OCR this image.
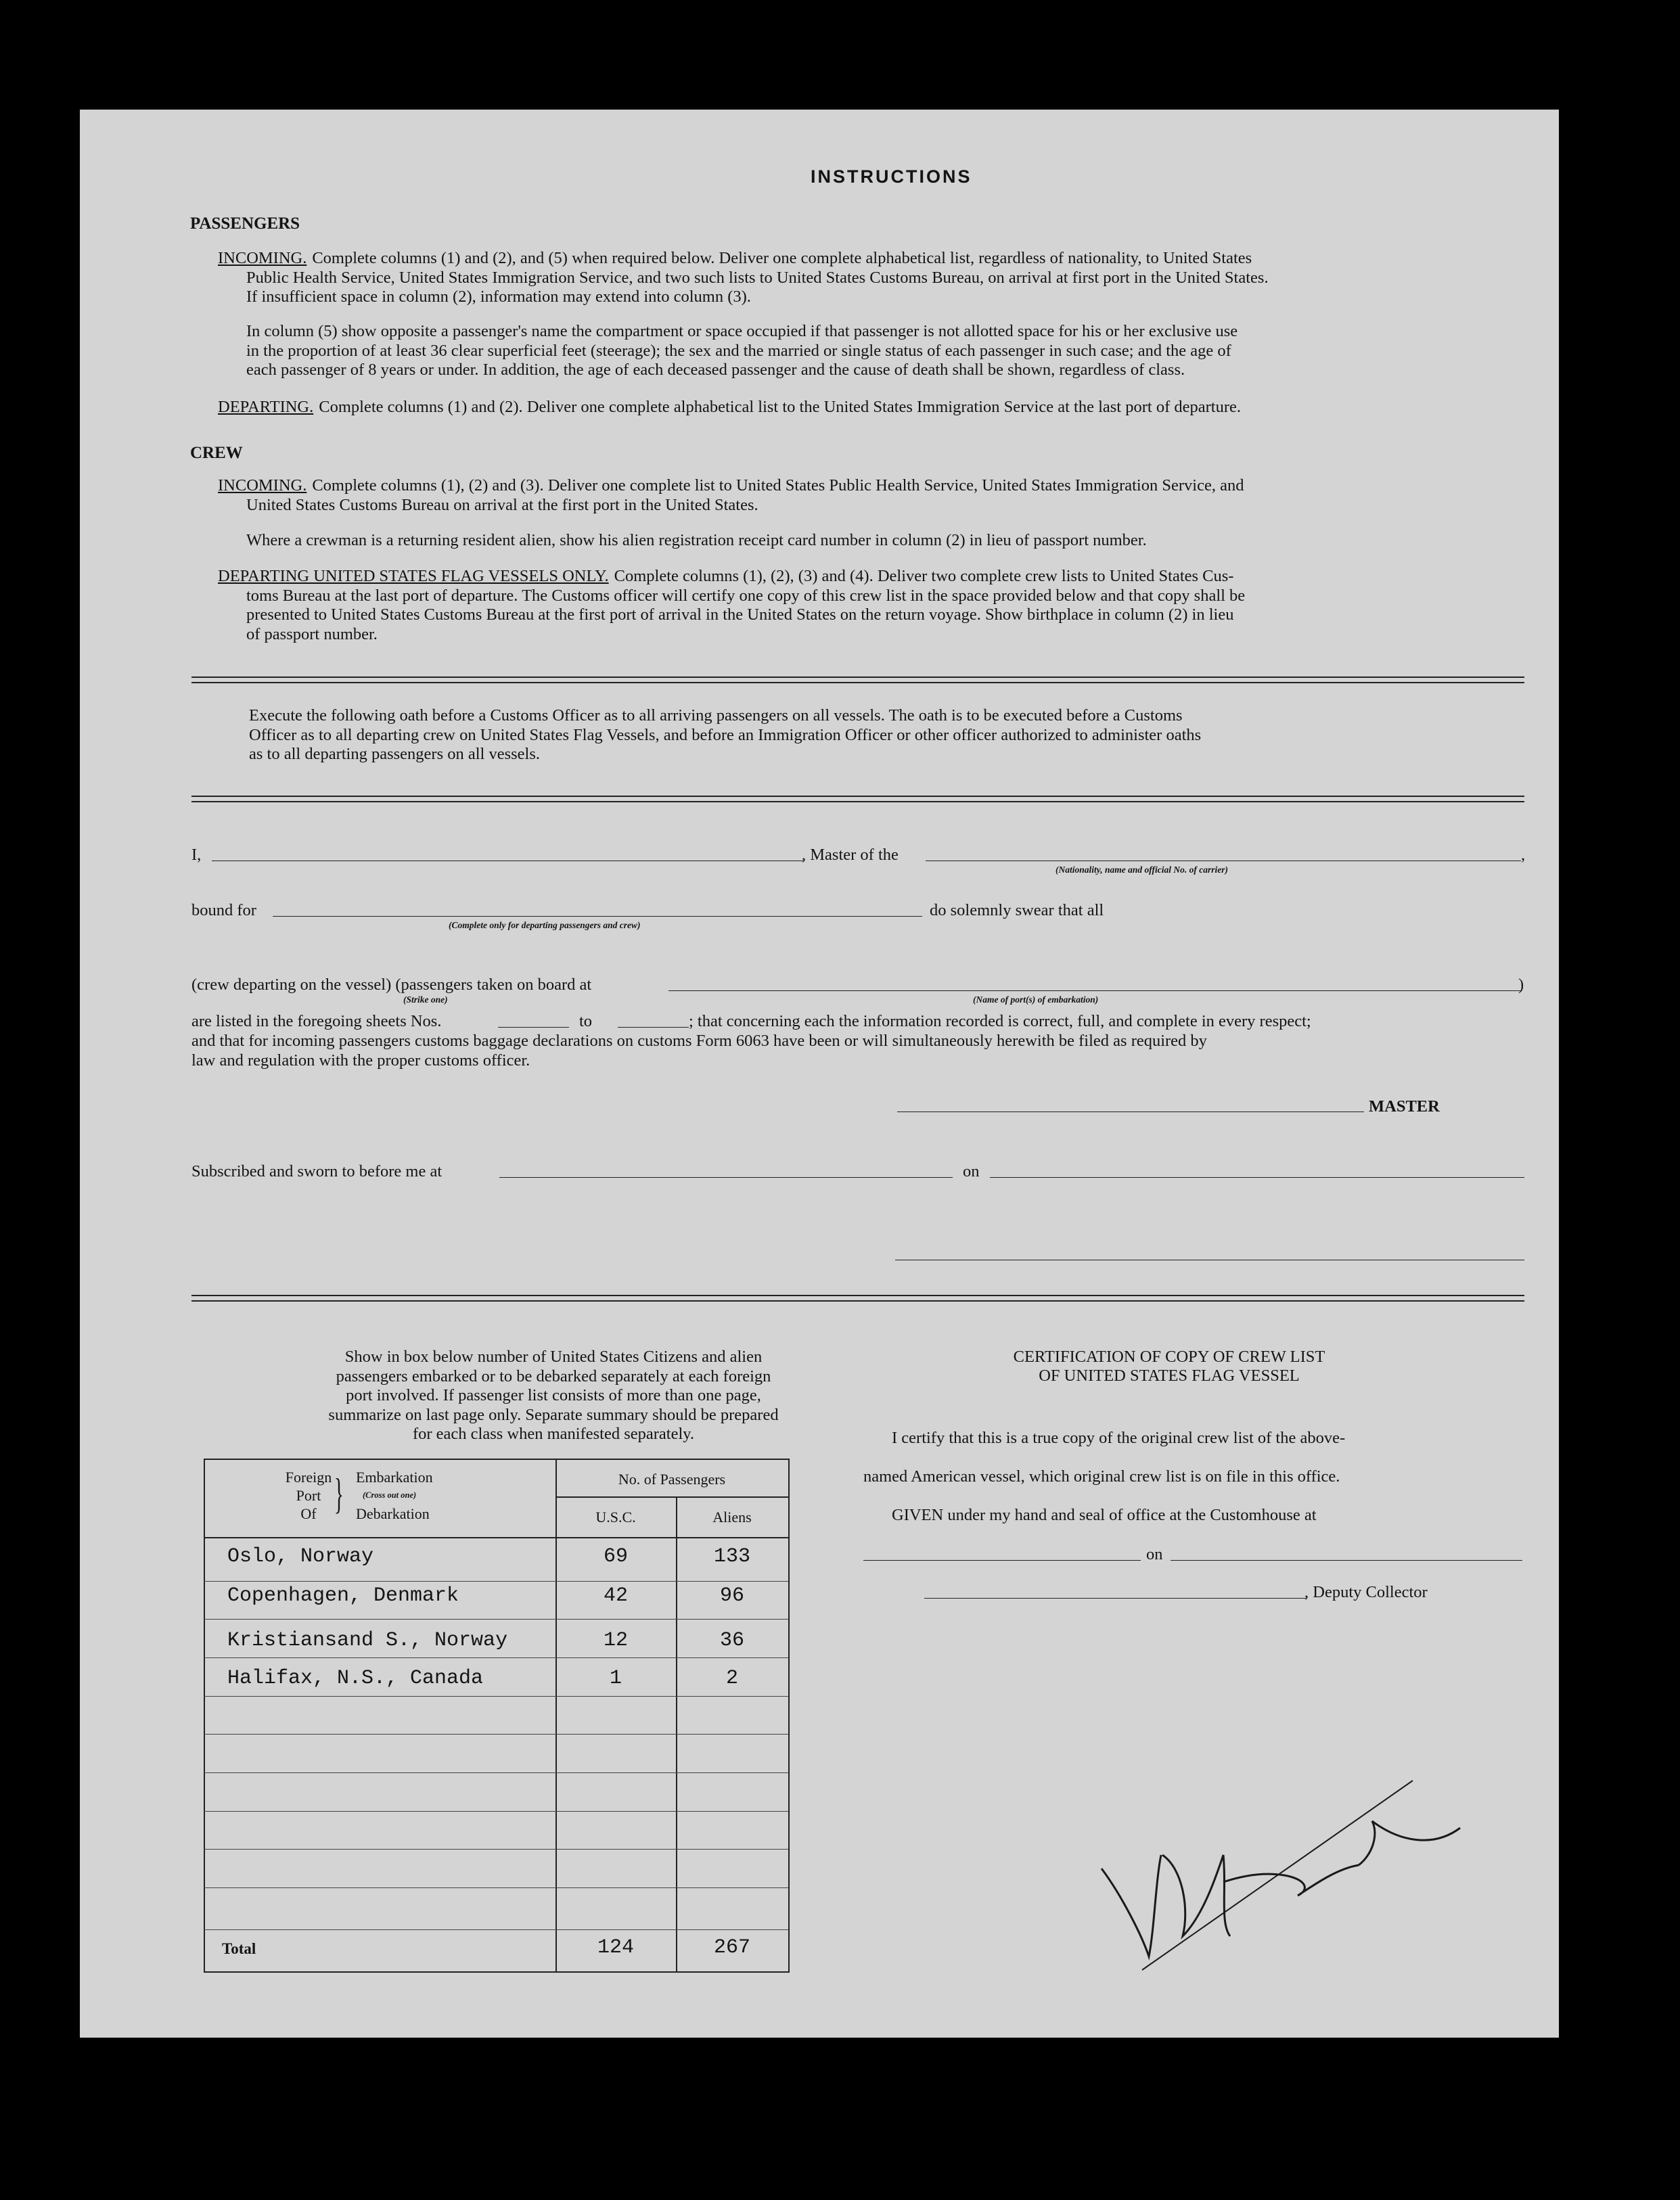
INSTRUCTIONS
PASSENGERS
INCOMING. Complete columns (1) and (2), and (5) when required below. Deliver one complete alphabetical list, regardless of nationality, to United States
Public Health Service, United States Immigration Service, and two such lists to United States Customs Bureau, on arrival at first port in the United States.
If insufficient space in column (2), information may extend into column (3).
In column (5) show opposite a passenger's name the compartment or space occupied if that passenger is not allotted space for his or her exclusive use
in the proportion of at least 36 clear superficial feet (steerage); the sex and the married or single status of each passenger in such case; and the age of
each passenger of 8 years or under. In addition, the age of each deceased passenger and the cause of death shall be shown, regardless of class.
DEPARTING. Complete columns (1) and (2). Deliver one complete alphabetical list to the United States Immigration Service at the last port of departure.
CREW
INCOMING. Complete columns (1), (2) and (3). Deliver one complete list to United States Public Health Service, United States Immigration Service, and
United States Customs Bureau on arrival at the first port in the United States.
Where a crewman is a returning resident alien, show his alien registration receipt card number in column (2) in lieu of passport number.
DEPARTING UNITED STATES FLAG VESSELS ONLY. Complete columns (1), (2), (3) and (4). Deliver two complete crew lists to United States Cus-
toms Bureau at the last port of departure. The Customs officer will certify one copy of this crew list in the space provided below and that copy shall be
presented to United States Customs Bureau at the first port of arrival in the United States on the return voyage. Show birthplace in column (2) in lieu
of passport number.
Execute the following oath before a Customs Officer as to all arriving passengers on all vessels. The oath is to be executed before a Customs
Officer as to all departing crew on United States Flag Vessels, and before an Immigration Officer or other officer authorized to administer oaths
as to all departing passengers on all vessels.
I,	, Master of the	,
(Nationality, name and official No. of carrier)
bound for
(Complete only for departing passengers and crew)
do solemnly swear that all
(crew departing on the vessel) (passengers taken on board at
(Strike one)	(Name of port(s) of embarkation)
)
are listed in the foregoing sheets Nos.	to	; that concerning each the information recorded is correct, full, and complete in every respect;
and that for incoming passengers customs baggage declarations on customs Form 6063 have been or will simultaneously herewith be filed as required by
law and regulation with the proper customs officer.
MASTER
Subscribed and sworn to before me at	on
Show in box below number of United States Citizens and alien
passengers embarked or to be debarked separately at each foreign
port involved. If passenger list consists of more than one page,
summarize on last page only. Separate summary should be prepared
for each class when manifested separately.
Foreign
Port
Of } Embarkation
(Cross out one)
Debarkation
No. of Passengers
U.S.C.	Aliens
Oslo, Norway	69	133
Copenhagen, Denmark	42	96
Kristiansand S., Norway	12	36
Halifax, N.S., Canada	1	2
Total	124	267
CERTIFICATION OF COPY OF CREW LIST
OF UNITED STATES FLAG VESSEL
I certify that this is a true copy of the original crew list of the above-
named American vessel, which original crew list is on file in this office.
GIVEN under my hand and seal of office at the Customhouse at
on
, Deputy Collector
